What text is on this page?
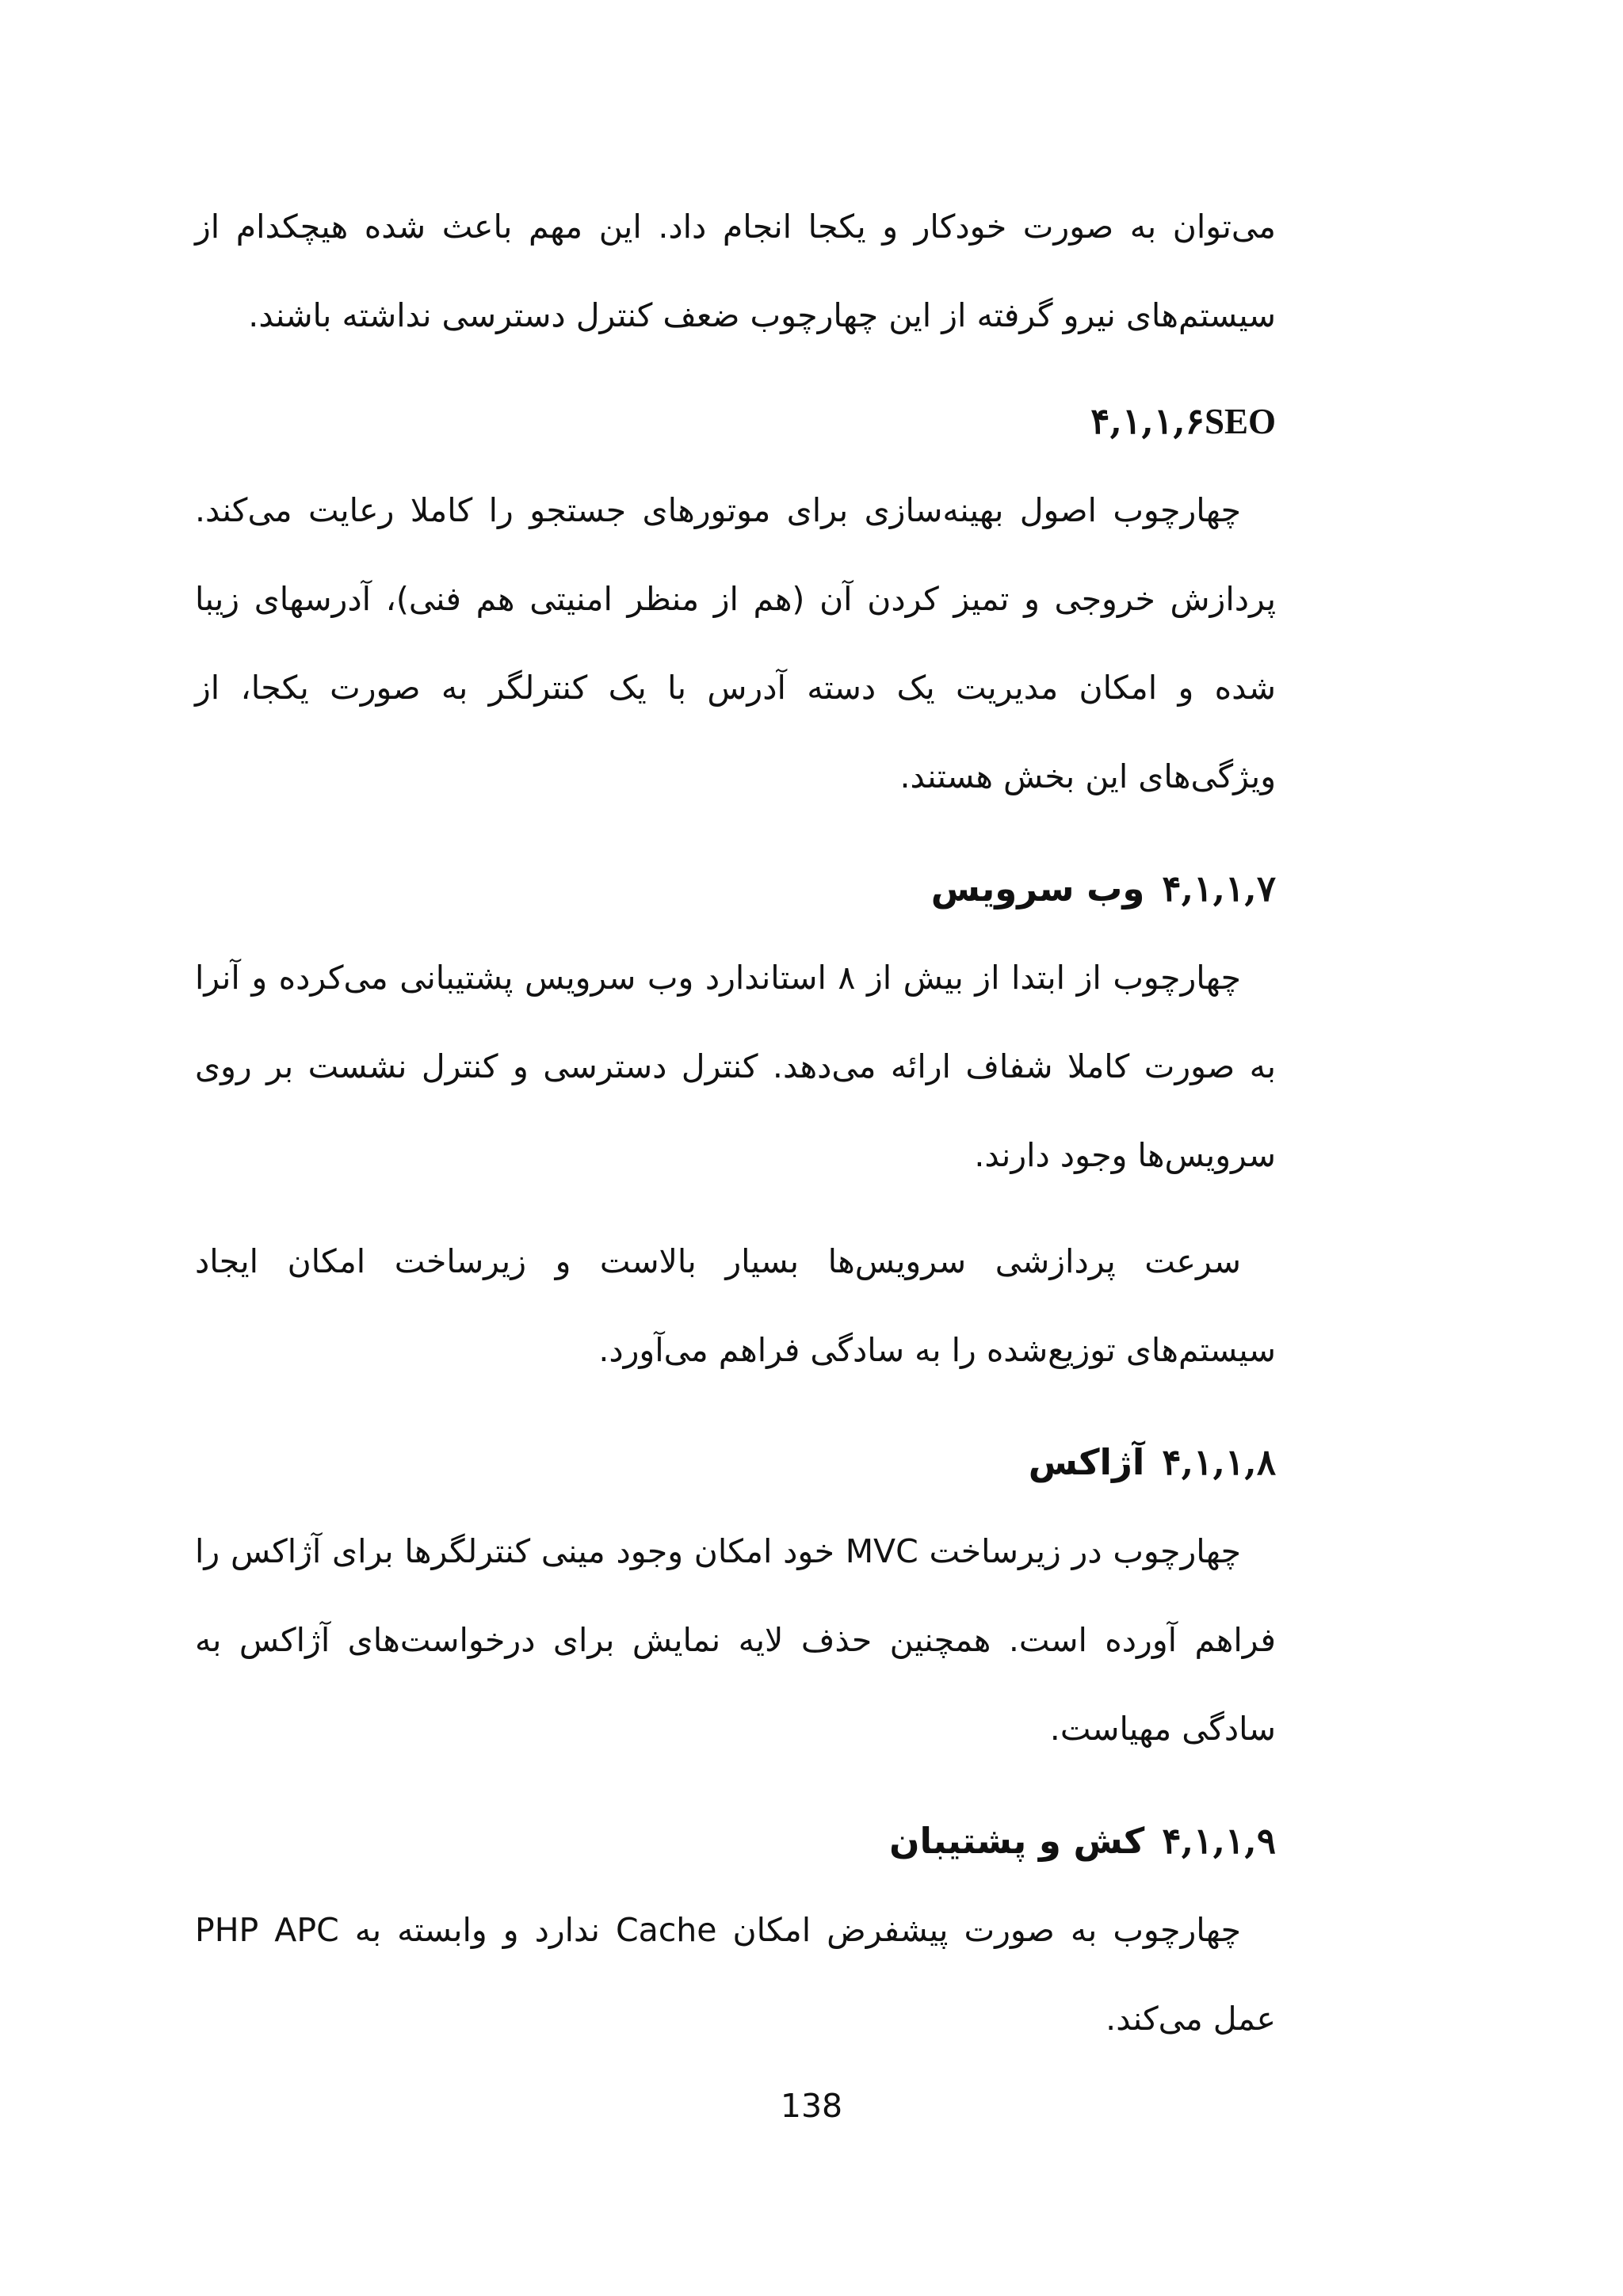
می‌توان به صورت خودکار و یکجا انجام داد. این مهم باعث شده هیچکدام از سیستم‌های نیرو گرفته از این چهارچوب ضعف کنترل دسترسی نداشته باشند.

۴,۱,۱,۶SEO

چهارچوب اصول بهینه‌سازی برای موتورهای جستجو را کاملا رعایت می‌کند. پردازش خروجی و تمیز کردن آن (هم از منظر امنیتی هم فنی)، آدرسهای زیبا شده و امکان مدیریت یک دسته آدرس با یک کنترلگر به صورت یکجا، از ویژگی‌های این بخش هستند.

۴,۱,۱,۷وب سرویس

چهارچوب از ابتدا از بیش از ۸ استاندارد وب سرویس پشتیبانی می‌کرده و آنرا به صورت کاملا شفاف ارائه می‌دهد. کنترل دسترسی و کنترل نشست بر روی سرویس‌ها وجود دارند.

سرعت پردازشی سرویس‌ها بسیار بالاست و زیرساخت امکان ایجاد سیستم‌های توزیع‌شده را به سادگی فراهم می‌آورد.

۴,۱,۱,۸آژاکس

چهارچوب در زیرساخت MVC خود امکان وجود مینی کنترلگرها برای آژاکس را فراهم آورده است. همچنین حذف لایه نمایش برای درخواست‌های آژاکس به سادگی مهیاست.

۴,۱,۱,۹کش و پشتیبان

چهارچوب به صورت پیشفرض امکان Cache ندارد و وابسته به PHP APC عمل می‌کند.

138
